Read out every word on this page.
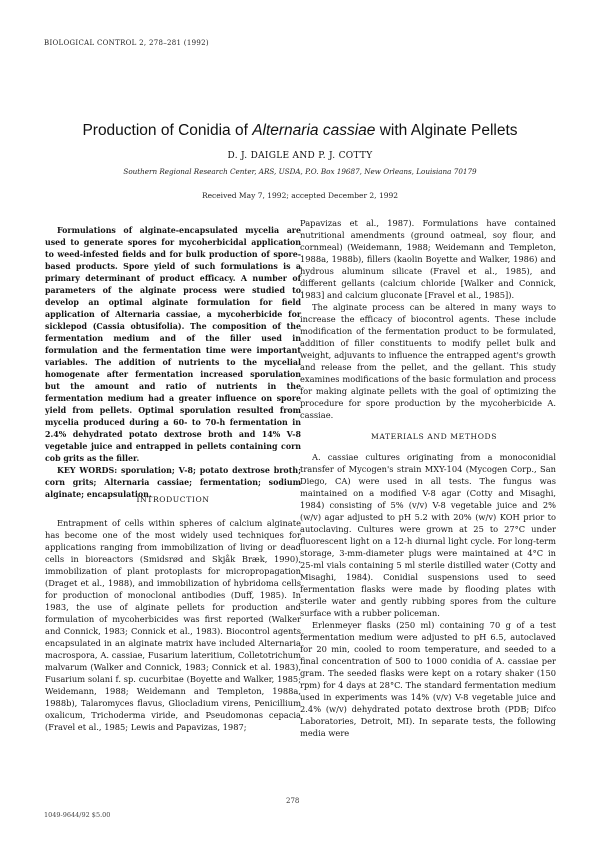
BIOLOGICAL CONTROL 2, 278–281 (1992)
Production of Conidia of Alternaria cassiae with Alginate Pellets
D. J. DAIGLE AND P. J. COTTY
Southern Regional Research Center, ARS, USDA, P.O. Box 19687, New Orleans, Louisiana 70179
Received May 7, 1992; accepted December 2, 1992

Formulations of alginate-encapsulated mycelia are used to generate spores for mycoherbicidal application to weed-infested fields and for bulk production of spore-based products. Spore yield of such formulations is a primary determinant of product efficacy. A number of parameters of the alginate process were studied to develop an optimal alginate formulation for field application of Alternaria cassiae, a mycoherbicide for sicklepod (Cassia obtusifolia). The composition of the fermentation medium and of the filler used in formulation and the fermentation time were important variables. The addition of nutrients to the mycelial homogenate after fermentation increased sporulation but the amount and ratio of nutrients in the fermentation medium had a greater influence on spore yield from pellets. Optimal sporulation resulted from mycelia produced during a 60- to 70-h fermentation in 2.4% dehydrated potato dextrose broth and 14% V-8 vegetable juice and entrapped in pellets containing corn cob grits as the filler.

KEY WORDS: sporulation; V-8; potato dextrose broth; corn grits; Alternaria cassiae; fermentation; sodium alginate; encapsulation.

INTRODUCTION

Entrapment of cells within spheres of calcium alginate has become one of the most widely used techniques for applications ranging from immobilization of living or dead cells in bioreactors (Smidsrød and Skjåk Bræk, 1990), immobilization of plant protoplasts for micropropagation (Draget et al., 1988), and immobilization of hybridoma cells for production of monoclonal antibodies (Duff, 1985). In 1983, the use of alginate pellets for production and formulation of mycoherbicides was first reported (Walker and Connick, 1983; Connick et al., 1983). Biocontrol agents encapsulated in an alginate matrix have included Alternaria macrospora, A. cassiae, Fusarium lateritium, Colletotrichum malvarum (Walker and Connick, 1983; Connick et al. 1983), Fusarium solani f. sp. cucurbitae (Boyette and Walker, 1985; Weidemann, 1988; Weidemann and Templeton, 1988a, 1988b), Talaromyces flavus, Gliocladium virens, Penicillium oxalicum, Trichoderma viride, and Pseudomonas cepacia (Fravel et al., 1985; Lewis and Papavizas, 1987;

Papavizas et al., 1987). Formulations have contained nutritional amendments (ground oatmeal, soy flour, and cornmeal) (Weidemann, 1988; Weidemann and Templeton, 1988a, 1988b), fillers (kaolin Boyette and Walker, 1986) and hydrous aluminum silicate (Fravel et al., 1985), and different gellants (calcium chloride [Walker and Connick, 1983] and calcium gluconate [Fravel et al., 1985]).

The alginate process can be altered in many ways to increase the efficacy of biocontrol agents. These include modification of the fermentation product to be formulated, addition of filler constituents to modify pellet bulk and weight, adjuvants to influence the entrapped agent's growth and release from the pellet, and the gellant. This study examines modifications of the basic formulation and process for making alginate pellets with the goal of optimizing the procedure for spore production by the mycoherbicide A. cassiae.

MATERIALS AND METHODS

A. cassiae cultures originating from a monoconidial transfer of Mycogen's strain MXY-104 (Mycogen Corp., San Diego, CA) were used in all tests. The fungus was maintained on a modified V-8 agar (Cotty and Misaghi, 1984) consisting of 5% (v/v) V-8 vegetable juice and 2% (w/v) agar adjusted to pH 5.2 with 20% (w/v) KOH prior to autoclaving. Cultures were grown at 25 to 27°C under fluorescent light on a 12-h diurnal light cycle. For long-term storage, 3-mm-diameter plugs were maintained at 4°C in 25-ml vials containing 5 ml sterile distilled water (Cotty and Misaghi, 1984). Conidial suspensions used to seed fermentation flasks were made by flooding plates with sterile water and gently rubbing spores from the culture surface with a rubber policeman.

Erlenmeyer flasks (250 ml) containing 70 g of a test fermentation medium were adjusted to pH 6.5, autoclaved for 20 min, cooled to room temperature, and seeded to a final concentration of 500 to 1000 conidia of A. cassiae per gram. The seeded flasks were kept on a rotary shaker (150 rpm) for 4 days at 28°C. The standard fermentation medium used in experiments was 14% (v/v) V-8 vegetable juice and 2.4% (w/v) dehydrated potato dextrose broth (PDB; Difco Laboratories, Detroit, MI). In separate tests, the following media were

278
1049-9644/92 $5.00
